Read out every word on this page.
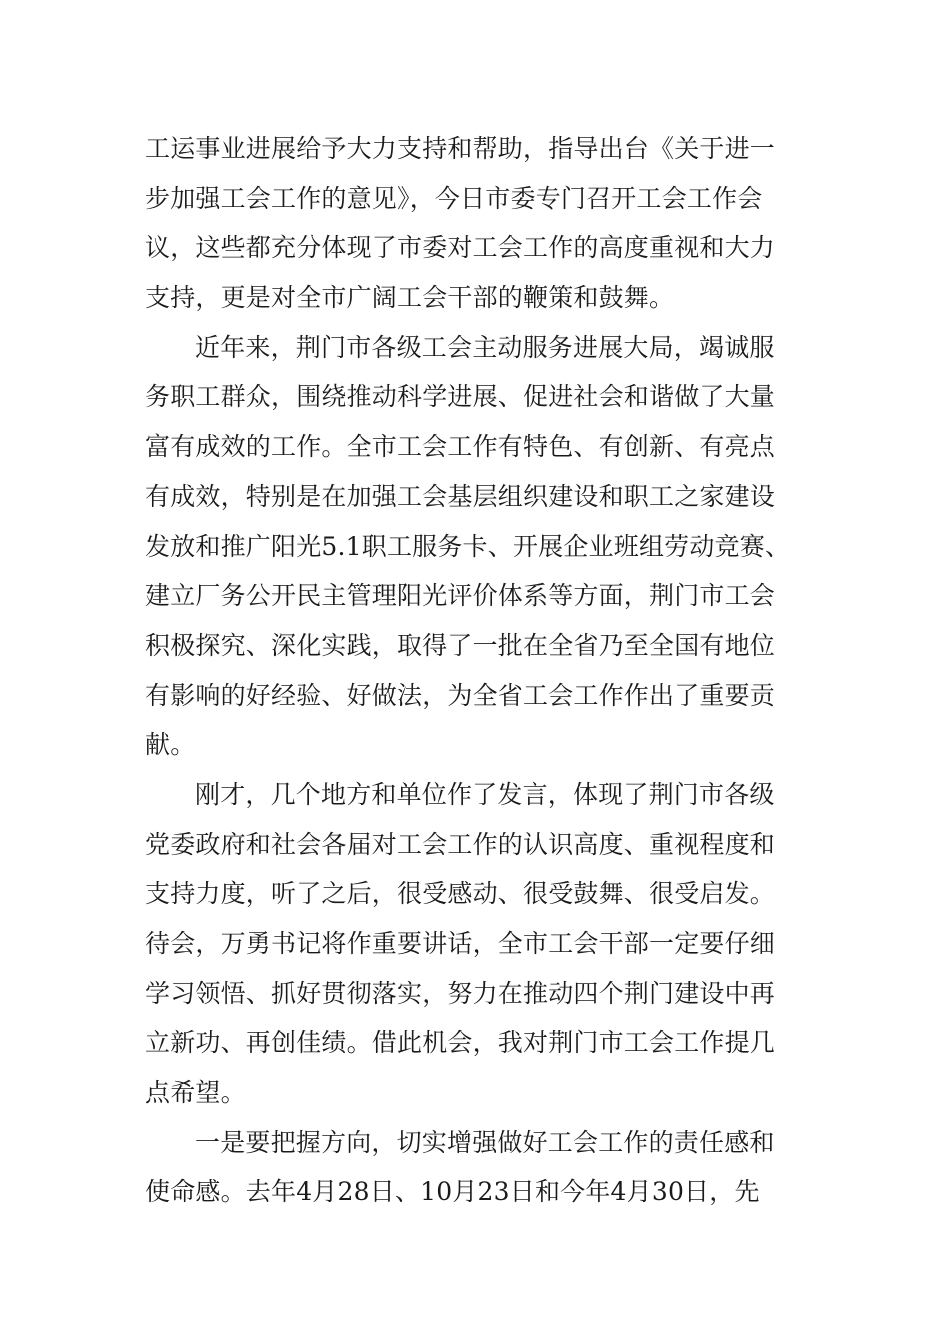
工运事业进展给予大力支持和帮助，指导出台《关于进一
步加强工会工作的意见》，今日市委专门召开工会工作会
议，这些都充分体现了市委对工会工作的高度重视和大力
支持，更是对全市广阔工会干部的鞭策和鼓舞。
近年来，荆门市各级工会主动服务进展大局，竭诚服
务职工群众，围绕推动科学进展、促进社会和谐做了大量
富有成效的工作。全市工会工作有特色、有创新、有亮点
有成效，特别是在加强工会基层组织建设和职工之家建设
发放和推广阳光5.1职工服务卡、开展企业班组劳动竞赛、
建立厂务公开民主管理阳光评价体系等方面，荆门市工会
积极探究、深化实践，取得了一批在全省乃至全国有地位
有影响的好经验、好做法，为全省工会工作作出了重要贡
献。
刚才，几个地方和单位作了发言，体现了荆门市各级
党委政府和社会各届对工会工作的认识高度、重视程度和
支持力度，听了之后，很受感动、很受鼓舞、很受启发。
待会，万勇书记将作重要讲话，全市工会干部一定要仔细
学习领悟、抓好贯彻落实，努力在推动四个荆门建设中再
立新功、再创佳绩。借此机会，我对荆门市工会工作提几
点希望。
一是要把握方向，切实增强做好工会工作的责任感和
使命感。去年4月28日、10月23日和今年4月30日，先
